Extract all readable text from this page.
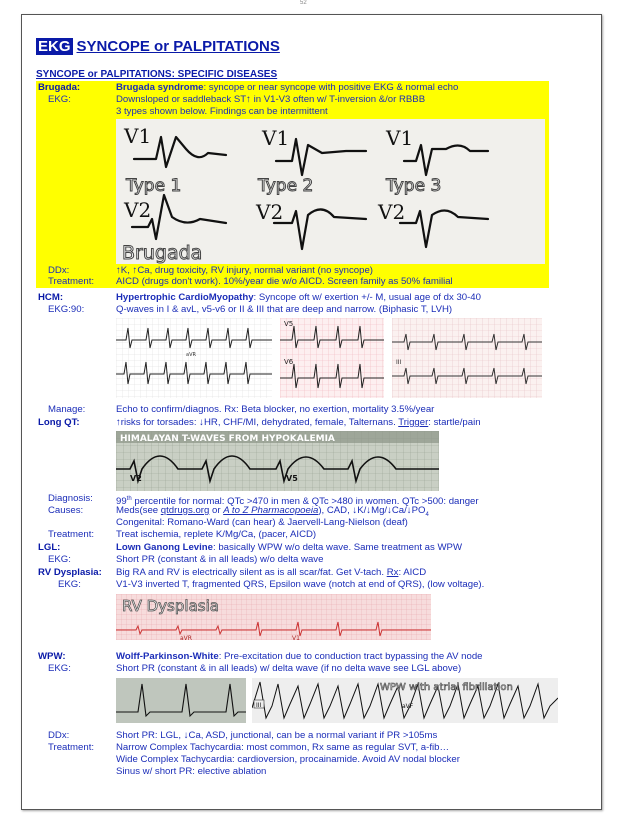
52
EKG SYNCOPE or PALPITATIONS
SYNCOPE or PALPITATIONS: SPECIFIC DISEASES
Brugada:	Brugada syndrome: syncope or near syncope with positive EKG & normal echo
EKG:	Downsloped or saddleback ST↑ in V1-V3 often w/ T-inversion &/or RBBB
3 types shown below. Findings can be intermittent
V1	V1	V1
V2	V2	V2
Type 1	Type 2	Type 3
Brugada
DDx:	↑K, ↑Ca, drug toxicity, RV injury, normal variant (no syncope)
Treatment: AICD (drugs don't work). 10%/year die w/o AICD. Screen family as 50% familial
HCM:	Hypertrophic CardioMyopathy: Syncope oft w/ exertion +/- M, usual age of dx 30-40
EKG:90:	Q-waves in I & avL, v5-v6 or II & III that are deep and narrow. (Biphasic T, LVH)
aVR
V5
V6	III
Manage:	Echo to confirm/diagnos. Rx: Beta blocker, no exertion, mortality 3.5%/year
Long QT:	↑risks for torsades: ↓HR, CHF/MI, dehydrated, female, Talternans. Trigger: startle/pain
V2	V5
HIMALAYAN T-WAVES FROM HYPOKALEMIA
Diagnosis: 99th percentile for normal: QTc >470 in men & QTc >480 in women. QTc >500: danger
Causes:	Meds(see qtdrugs.org or A to Z Pharmacopoeia), CAD, $↓K/↓Mg/↓Ca/↓PO_4$
Congenital: Romano-Ward (can hear) & Jaervell-Lang-Nielson (deaf)
Treatment: Treat ischemia, replete K/Mg/Ca, (pacer, AICD)
LGL:	Lown Ganong Levine: basically WPW w/o delta wave. Same treatment as WPW
EKG:	Short PR (constant & in all leads) w/o delta wave
RV Dysplasia: Big RA and RV is electrically silent as is all scar/fat. Get V-tach. Rx: AICD
EKG:	V1-V3 inverted T, fragmented QRS, Epsilon wave (notch at end of QRS), (low voltage).
aVR	V1
RV Dysplasia
WPW:	Wolff-Parkinson-White: Pre-excitation due to conduction tract bypassing the AV node
EKG:	Short PR (constant & in all leads) w/ delta wave (if no delta wave see LGL above)
III	aVF
WPW with atrial fibrillation
DDx:	Short PR: LGL, ↓Ca, ASD, junctional, can be a normal variant if PR >105ms
Treatment: Narrow Complex Tachycardia: most common, Rx same as regular SVT, a-fib…
Wide Complex Tachycardia: cardioversion, procainamide. Avoid AV nodal blocker
Sinus w/ short PR: elective ablation
